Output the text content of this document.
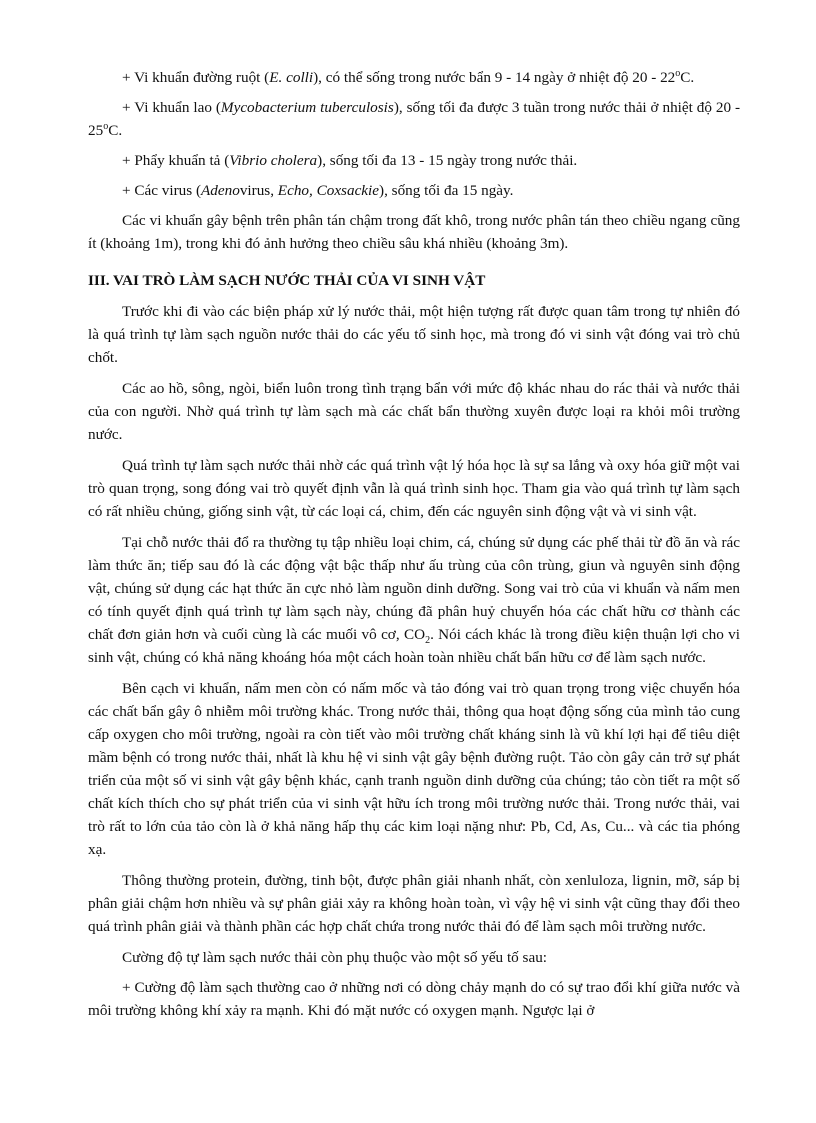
+ Vi khuẩn đường ruột (E. colli), có thể sống trong nước bẩn 9 - 14 ngày ở nhiệt độ 20 - 22$^o$C.

+ Vi khuẩn lao (Mycobacterium tuberculosis), sống tối đa được 3 tuần trong nước thải ở nhiệt độ 20 - 25$^o$C.

+ Phẩy khuẩn tả (Vibrio cholera), sống tối đa 13 - 15 ngày trong nước thải.

+ Các virus (Adenovirus, Echo, Coxsackie), sống tối đa 15 ngày.

Các vi khuẩn gây bệnh trên phân tán chậm trong đất khô, trong nước phân tán theo chiều ngang cũng ít (khoảng 1m), trong khi đó ảnh hưởng theo chiều sâu khá nhiều (khoảng 3m).

III. VAI TRÒ LÀM SẠCH NƯỚC THẢI CỦA VI SINH VẬT

Trước khi đi vào các biện pháp xử lý nước thải, một hiện tượng rất được quan tâm trong tự nhiên đó là quá trình tự làm sạch nguồn nước thải do các yếu tố sinh học, mà trong đó vi sinh vật đóng vai trò chủ chốt.

Các ao hồ, sông, ngòi, biển luôn trong tình trạng bẩn với mức độ khác nhau do rác thải và nước thải của con người. Nhờ quá trình tự làm sạch mà các chất bẩn thường xuyên được loại ra khỏi môi trường nước.

Quá trình tự làm sạch nước thải nhờ các quá trình vật lý hóa học là sự sa lắng và oxy hóa giữ một vai trò quan trọng, song đóng vai trò quyết định vẫn là quá trình sinh học. Tham gia vào quá trình tự làm sạch có rất nhiều chủng, giống sinh vật, từ các loại cá, chim, đến các nguyên sinh động vật và vi sinh vật.

Tại chỗ nước thải đổ ra thường tụ tập nhiều loại chim, cá, chúng sử dụng các phế thải từ đồ ăn và rác làm thức ăn; tiếp sau đó là các động vật bậc thấp như ấu trùng của côn trùng, giun và nguyên sinh động vật, chúng sử dụng các hạt thức ăn cực nhỏ làm nguồn dinh dưỡng. Song vai trò của vi khuẩn và nấm men có tính quyết định quá trình tự làm sạch này, chúng đã phân huỷ chuyển hóa các chất hữu cơ thành các chất đơn giản hơn và cuối cùng là các muối vô cơ, $CO_2$. Nói cách khác là trong điều kiện thuận lợi cho vi sinh vật, chúng có khả năng khoáng hóa một cách hoàn toàn nhiều chất bẩn hữu cơ để làm sạch nước.

Bên cạch vi khuẩn, nấm men còn có nấm mốc và tảo đóng vai trò quan trọng trong việc chuyển hóa các chất bẩn gây ô nhiễm môi trường khác. Trong nước thải, thông qua hoạt động sống của mình tảo cung cấp oxygen cho môi trường, ngoài ra còn tiết vào môi trường chất kháng sinh là vũ khí lợi hại để tiêu diệt mầm bệnh có trong nước thải, nhất là khu hệ vi sinh vật gây bệnh đường ruột. Tảo còn gây cản trở sự phát triển của một số vi sinh vật gây bệnh khác, cạnh tranh nguồn dinh dưỡng của chúng; tảo còn tiết ra một số chất kích thích cho sự phát triển của vi sinh vật hữu ích trong môi trường nước thải. Trong nước thải, vai trò rất to lớn của tảo còn là ở khả năng hấp thụ các kim loại nặng như: Pb, Cd, As, Cu... và các tia phóng xạ.

Thông thường protein, đường, tinh bột, được phân giải nhanh nhất, còn xenluloza, lignin, mỡ, sáp bị phân giải chậm hơn nhiều và sự phân giải xảy ra không hoàn toàn, vì vậy hệ vi sinh vật cũng thay đổi theo quá trình phân giải và thành phần các hợp chất chứa trong nước thải đó để làm sạch môi trường nước.

Cường độ tự làm sạch nước thải còn phụ thuộc vào một số yếu tố sau:

+ Cường độ làm sạch thường cao ở những nơi có dòng chảy mạnh do có sự trao đổi khí giữa nước và môi trường không khí xảy ra mạnh. Khi đó mặt nước có oxygen mạnh. Ngược lại ở
